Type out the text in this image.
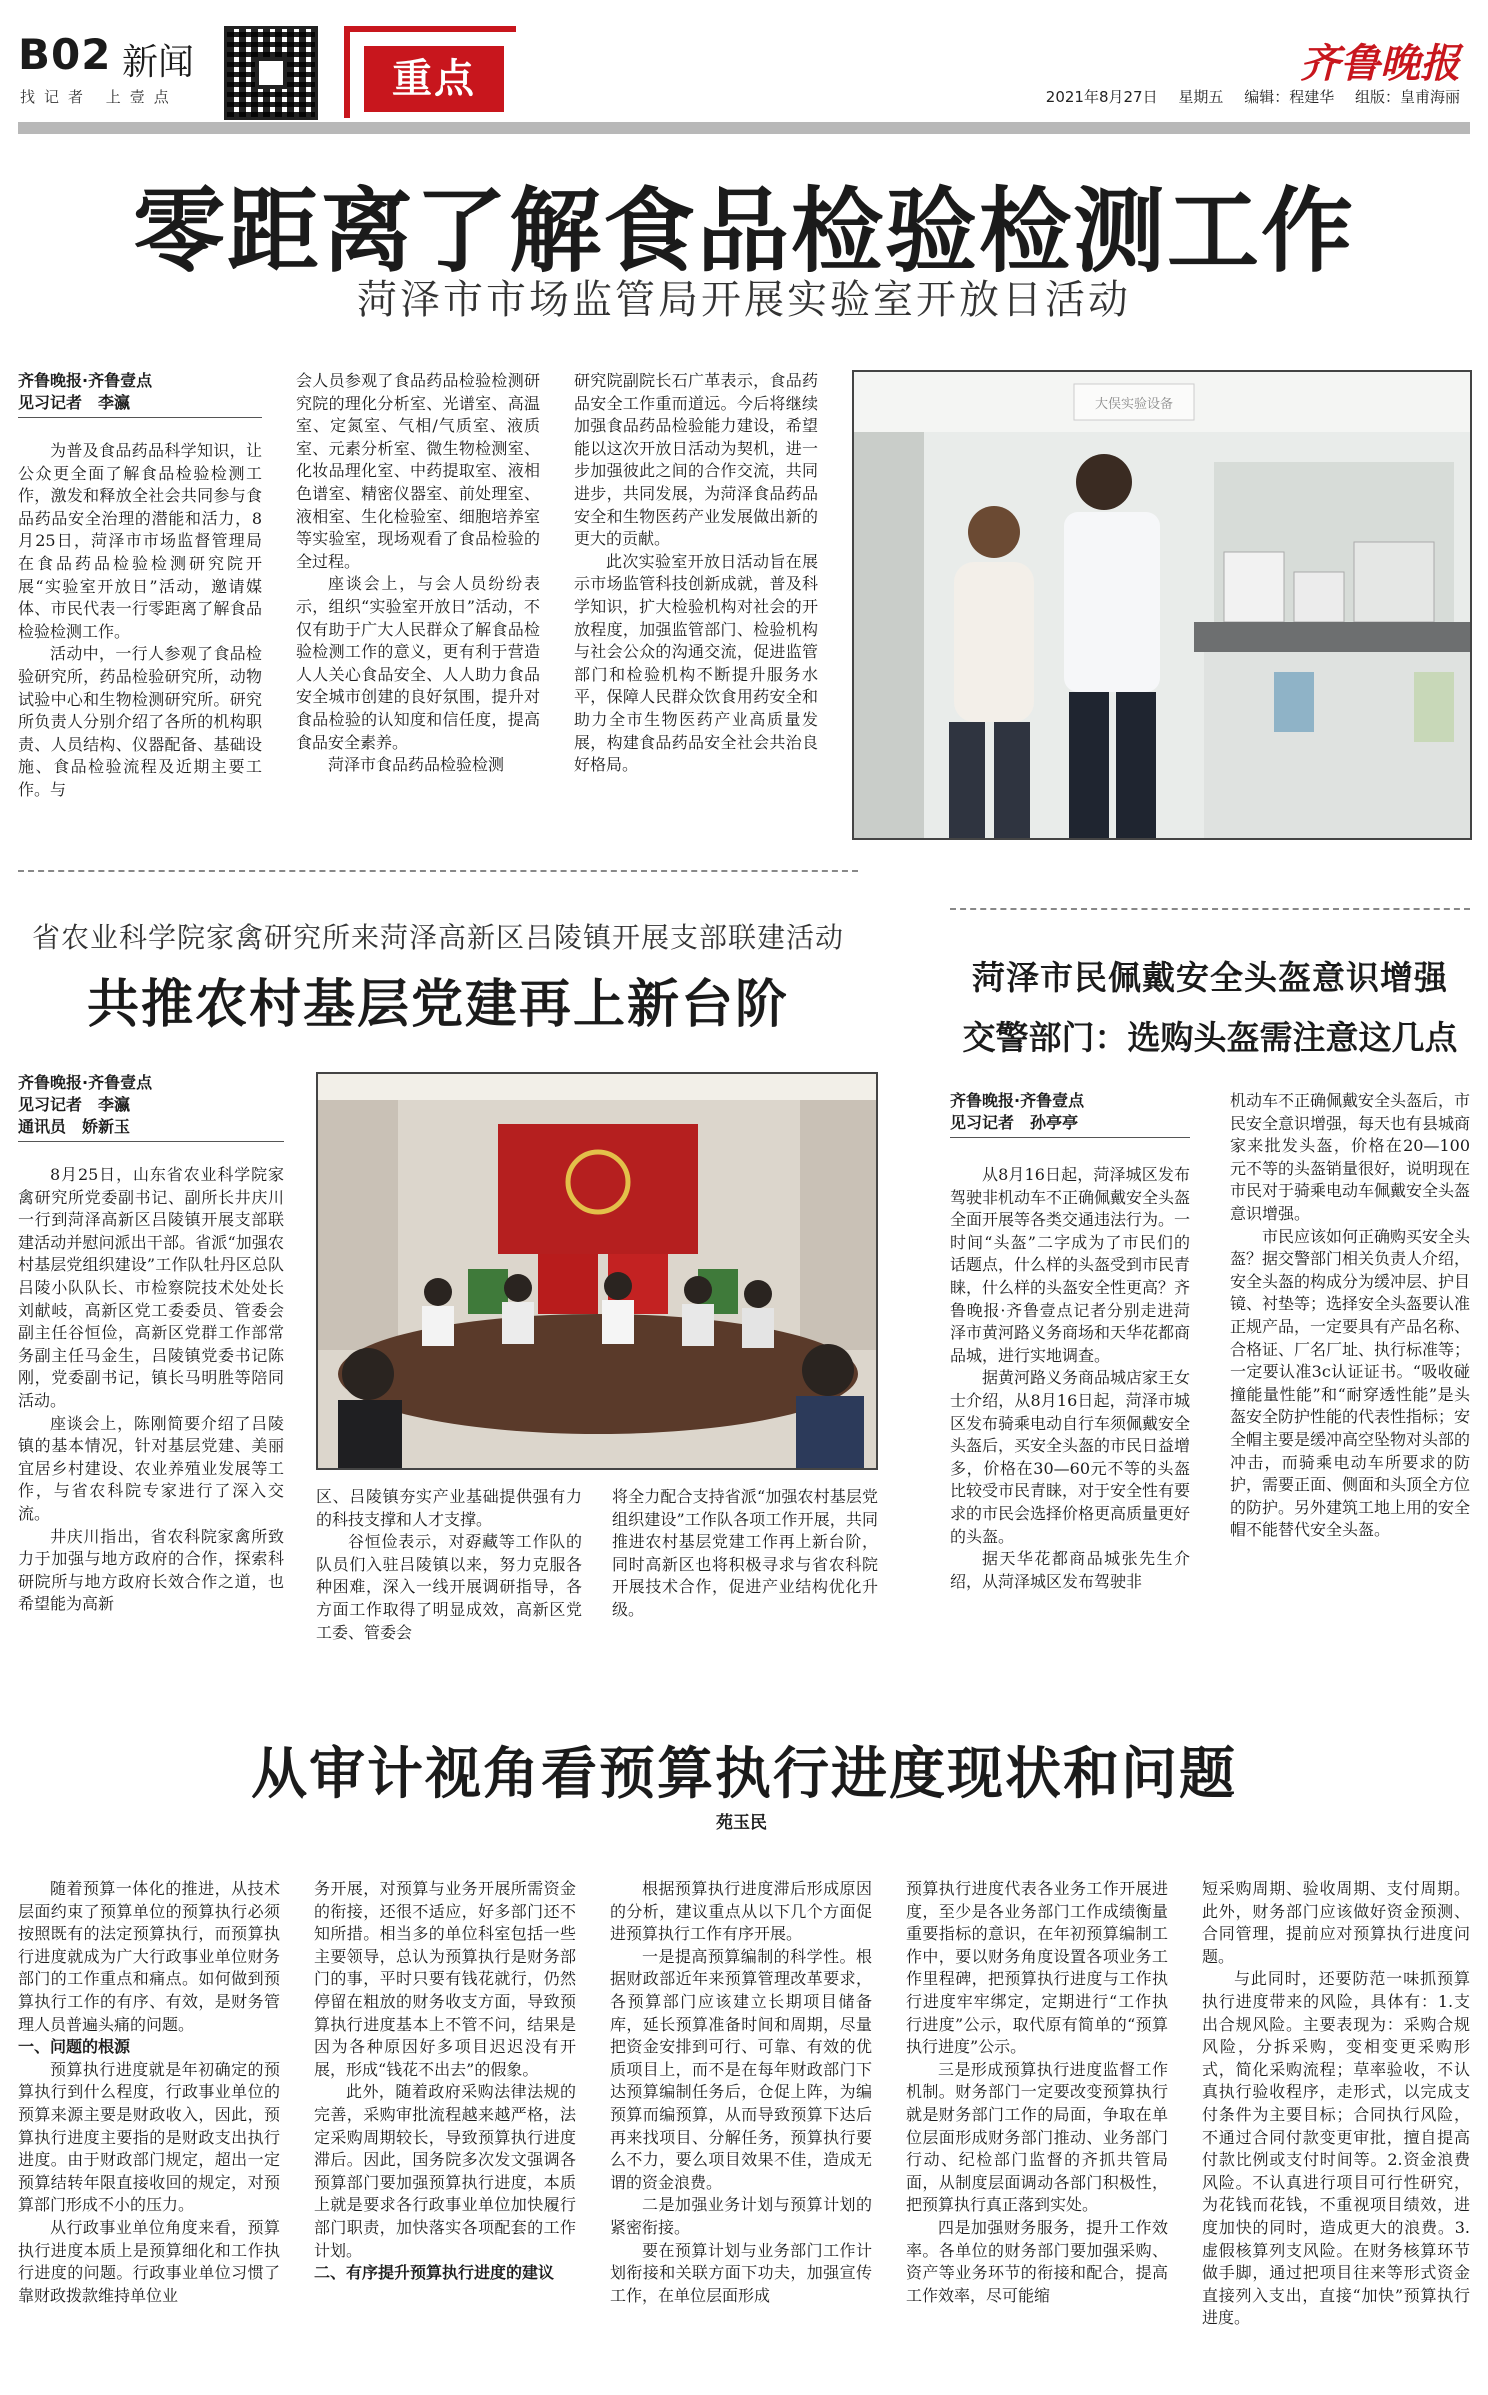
B02 新闻
找记者 上壹点	重点	齐鲁晚报
2021年8月27日 星期五 编辑：程建华 组版：皇甫海丽
零距离了解食品检验检测工作
菏泽市市场监管局开展实验室开放日活动
齐鲁晚报·齐鲁壹点
见习记者　李瀛

为普及食品药品科学知识，让公众更全面了解食品检验检测工作，激发和释放全社会共同参与食品药品安全治理的潜能和活力，8月25日，菏泽市市场监督管理局在食品药品检验检测研究院开展“实验室开放日”活动，邀请媒体、市民代表一行零距离了解食品检验检测工作。

活动中，一行人参观了食品检验研究所，药品检验研究所，动物试验中心和生物检测研究所。研究所负责人分别介绍了各所的机构职责、人员结构、仪器配备、基础设施、食品检验流程及近期主要工作。与

会人员参观了食品药品检验检测研究院的理化分析室、光谱室、高温室、定氮室、气相/气质室、液质室、元素分析室、微生物检测室、化妆品理化室、中药提取室、液相色谱室、精密仪器室、前处理室、液相室、生化检验室、细胞培养室等实验室，现场观看了食品检验的全过程。

座谈会上，与会人员纷纷表示，组织“实验室开放日”活动，不仅有助于广大人民群众了解食品检验检测工作的意义，更有利于营造人人关心食品安全、人人助力食品安全城市创建的良好氛围，提升对食品检验的认知度和信任度，提高食品安全素养。

菏泽市食品药品检验检测

研究院副院长石广革表示，食品药品安全工作重而道远。今后将继续加强食品药品检验能力建设，希望能以这次开放日活动为契机，进一步加强彼此之间的合作交流，共同进步，共同发展，为菏泽食品药品安全和生物医药产业发展做出新的更大的贡献。

此次实验室开放日活动旨在展示市场监管科技创新成就，普及科学知识，扩大检验机构对社会的开放程度，加强监管部门、检验机构与社会公众的沟通交流，促进监管部门和检验机构不断提升服务水平，保障人民群众饮食用药安全和助力全市生物医药产业高质量发展，构建食品药品安全社会共治良好格局。

大俣实验设备
省农业科学院家禽研究所来菏泽高新区吕陵镇开展支部联建活动
共推农村基层党建再上新台阶
齐鲁晚报·齐鲁壹点
见习记者　李瀛
通讯员　娇新玉

8月25日，山东省农业科学院家禽研究所党委副书记、副所长井庆川一行到菏泽高新区吕陵镇开展支部联建活动并慰问派出干部。省派“加强农村基层党组织建设”工作队牡丹区总队吕陵小队队长、市检察院技术处处长刘献岐，高新区党工委委员、管委会副主任谷恒俭，高新区党群工作部常务副主任马金生，吕陵镇党委书记陈刚，党委副书记，镇长马明胜等陪同活动。

座谈会上，陈刚简要介绍了吕陵镇的基本情况，针对基层党建、美丽宜居乡村建设、农业养殖业发展等工作，与省农科院专家进行了深入交流。

井庆川指出，省农科院家禽所致力于加强与地方政府的合作，探索科研院所与地方政府长效合作之道，也希望能为高新

区、吕陵镇夯实产业基础提供强有力的科技支撑和人才支撑。

谷恒俭表示，对孬藏等工作队的队员们入驻吕陵镇以来，努力克服各种困难，深入一线开展调研指导，各方面工作取得了明显成效，高新区党工委、管委会

将全力配合支持省派“加强农村基层党组织建设”工作队各项工作开展，共同推进农村基层党建工作再上新台阶，同时高新区也将积极寻求与省农科院开展技术合作，促进产业结构优化升级。

菏泽市民佩戴安全头盔意识增强
交警部门：选购头盔需注意这几点
齐鲁晚报·齐鲁壹点
见习记者　孙亭亭

从8月16日起，菏泽城区发布驾驶非机动车不正确佩戴安全头盔全面开展等各类交通违法行为。一时间“头盔”二字成为了市民们的话题点，什么样的头盔受到市民青睐，什么样的头盔安全性更高？齐鲁晚报·齐鲁壹点记者分别走进菏泽市黄河路义务商场和天华花都商品城，进行实地调查。

据黄河路义务商品城店家王女士介绍，从8月16日起，菏泽市城区发布骑乘电动自行车须佩戴安全头盔后，买安全头盔的市民日益增多，价格在30—60元不等的头盔比较受市民青睐，对于安全性有要求的市民会选择价格更高质量更好的头盔。

据天华花都商品城张先生介绍，从菏泽城区发布驾驶非

机动车不正确佩戴安全头盔后，市民安全意识增强，每天也有县城商家来批发头盔，价格在20—100元不等的头盔销量很好，说明现在市民对于骑乘电动车佩戴安全头盔意识增强。

市民应该如何正确购买安全头盔？据交警部门相关负责人介绍，安全头盔的构成分为缓冲层、护目镜、衬垫等；选择安全头盔要认准正规产品，一定要具有产品名称、合格证、厂名厂址、执行标准等；一定要认准3c认证证书。“吸收碰撞能量性能”和“耐穿透性能”是头盔安全防护性能的代表性指标；安全帽主要是缓冲高空坠物对头部的冲击，而骑乘电动车所要求的防护，需要正面、侧面和头顶全方位的防护。另外建筑工地上用的安全帽不能替代安全头盔。

从审计视角看预算执行进度现状和问题
苑玉民

随着预算一体化的推进，从技术层面约束了预算单位的预算执行必须按照既有的法定预算执行，而预算执行进度就成为广大行政事业单位财务部门的工作重点和痛点。如何做到预算执行工作的有序、有效，是财务管理人员普遍头痛的问题。

一、问题的根源

预算执行进度就是年初确定的预算执行到什么程度，行政事业单位的预算来源主要是财政收入，因此，预算执行进度主要指的是财政支出执行进度。由于财政部门规定，超出一定预算结转年限直接收回的规定，对预算部门形成不小的压力。

从行政事业单位角度来看，预算执行进度本质上是预算细化和工作执行进度的问题。行政事业单位习惯了靠财政拨款维持单位业

务开展，对预算与业务开展所需资金的衔接，还很不适应，好多部门还不知所措。相当多的单位科室包括一些主要领导，总认为预算执行是财务部门的事，平时只要有钱花就行，仍然停留在粗放的财务收支方面，导致预算执行进度基本上不管不问，结果是因为各种原因好多项目迟迟没有开展，形成“钱花不出去”的假象。

此外，随着政府采购法律法规的完善，采购审批流程越来越严格，法定采购周期较长，导致预算执行进度滞后。因此，国务院多次发文强调各预算部门要加强预算执行进度，本质上就是要求各行政事业单位加快履行部门职责，加快落实各项配套的工作计划。

二、有序提升预算执行进度的建议

根据预算执行进度滞后形成原因的分析，建议重点从以下几个方面促进预算执行工作有序开展。

一是提高预算编制的科学性。根据财政部近年来预算管理改革要求，各预算部门应该建立长期项目储备库，延长预算准备时间和周期，尽量把资金安排到可行、可靠、有效的优质项目上，而不是在每年财政部门下达预算编制任务后，仓促上阵，为编预算而编预算，从而导致预算下达后再来找项目、分解任务，预算执行要么不力，要么项目效果不佳，造成无谓的资金浪费。

二是加强业务计划与预算计划的紧密衔接。

要在预算计划与业务部门工作计划衔接和关联方面下功夫，加强宣传工作，在单位层面形成

预算执行进度代表各业务工作开展进度，至少是各业务部门工作成绩衡量重要指标的意识，在年初预算编制工作中，要以财务角度设置各项业务工作里程碑，把预算执行进度与工作执行进度牢牢绑定，定期进行“工作执行进度”公示，取代原有简单的“预算执行进度”公示。

三是形成预算执行进度监督工作机制。财务部门一定要改变预算执行就是财务部门工作的局面，争取在单位层面形成财务部门推动、业务部门行动、纪检部门监督的齐抓共管局面，从制度层面调动各部门积极性，把预算执行真正落到实处。

四是加强财务服务，提升工作效率。各单位的财务部门要加强采购、资产等业务环节的衔接和配合，提高工作效率，尽可能缩

短采购周期、验收周期、支付周期。此外，财务部门应该做好资金预测、合同管理，提前应对预算执行进度问题。

与此同时，还要防范一味抓预算执行进度带来的风险，具体有：1.支出合规风险。主要表现为：采购合规风险，分拆采购，变相变更采购形式，简化采购流程；草率验收，不认真执行验收程序，走形式，以完成支付条件为主要目标；合同执行风险，不通过合同付款变更审批，擅自提高付款比例或支付时间等。2.资金浪费风险。不认真进行项目可行性研究，为花钱而花钱，不重视项目绩效，进度加快的同时，造成更大的浪费。3.虚假核算列支风险。在财务核算环节做手脚，通过把项目往来等形式资金直接列入支出，直接“加快”预算执行进度。
